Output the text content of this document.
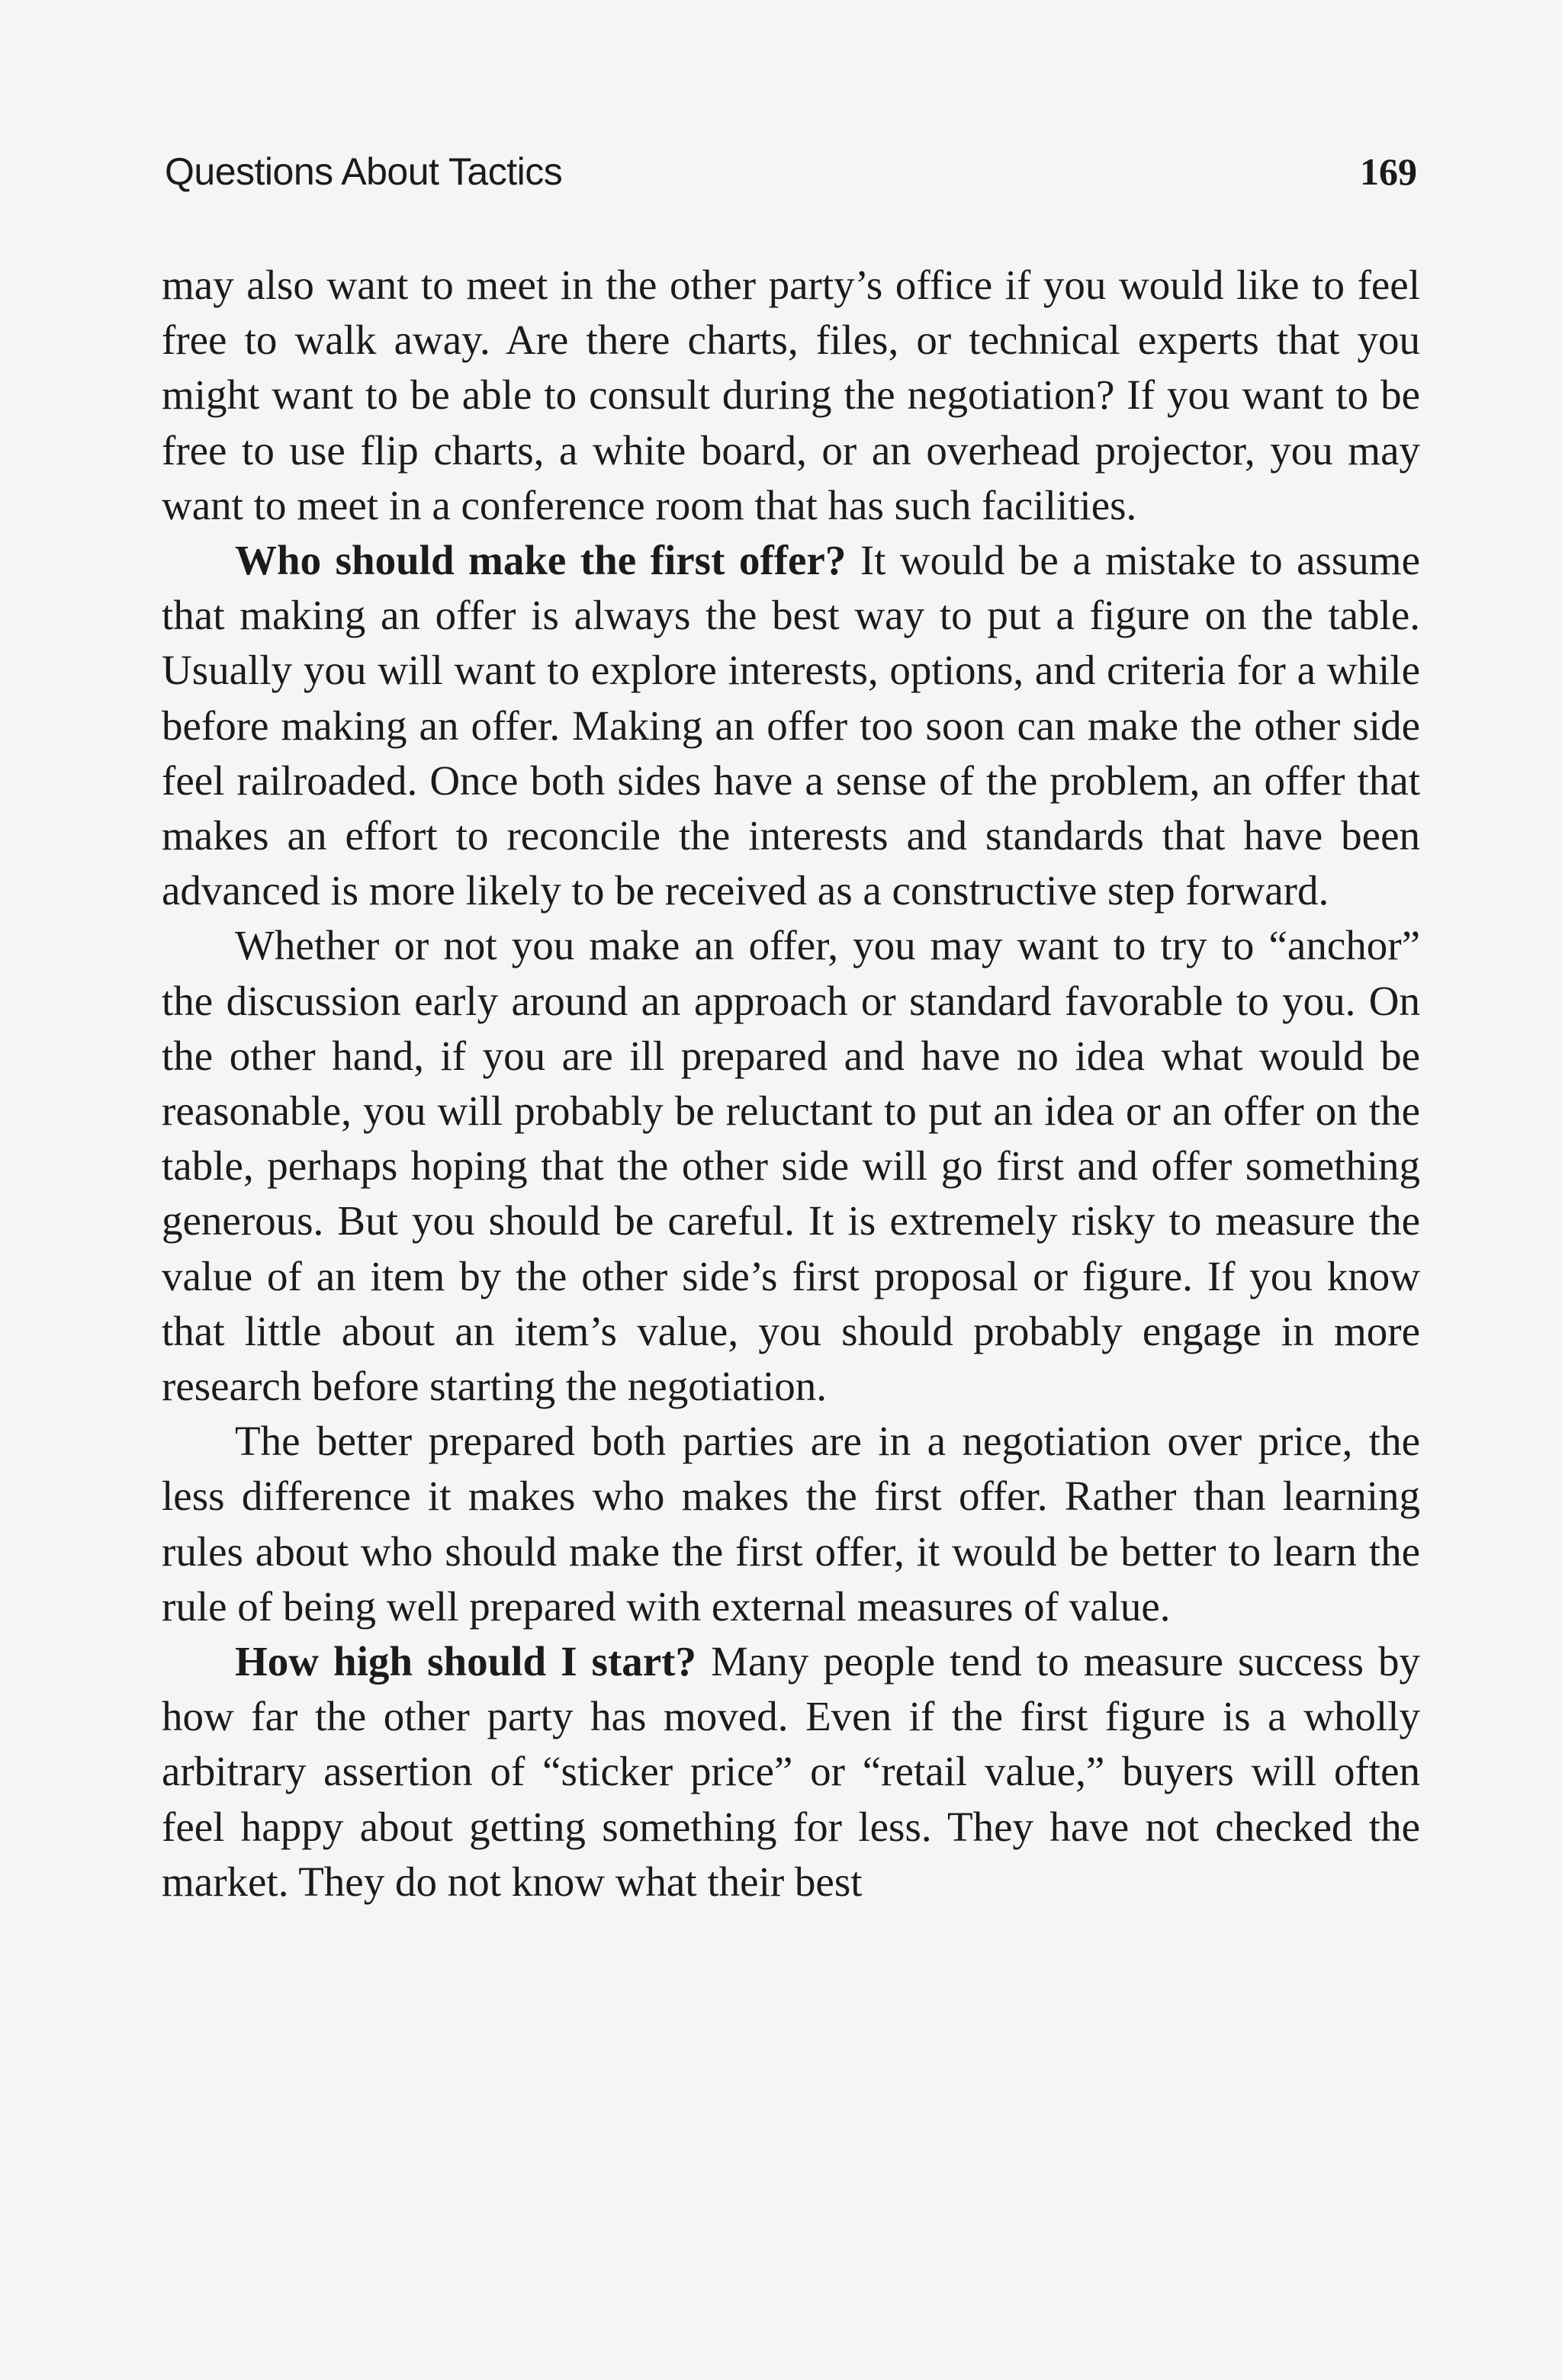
Questions About Tactics	169

may also want to meet in the other party’s office if you would like to feel free to walk away. Are there charts, files, or technical experts that you might want to be able to consult during the negotiation? If you want to be free to use flip charts, a white board, or an overhead projector, you may want to meet in a conference room that has such facilities.

Who should make the first offer? It would be a mistake to assume that making an offer is always the best way to put a figure on the table. Usually you will want to explore interests, options, and criteria for a while before making an offer. Making an offer too soon can make the other side feel railroaded. Once both sides have a sense of the problem, an offer that makes an effort to reconcile the interests and standards that have been advanced is more likely to be received as a constructive step forward.

Whether or not you make an offer, you may want to try to “anchor” the discussion early around an approach or standard favorable to you. On the other hand, if you are ill prepared and have no idea what would be reasonable, you will probably be reluctant to put an idea or an offer on the table, perhaps hoping that the other side will go first and offer something generous. But you should be careful. It is extremely risky to measure the value of an item by the other side’s first proposal or figure. If you know that little about an item’s value, you should probably engage in more research before starting the negotiation.

The better prepared both parties are in a negotiation over price, the less difference it makes who makes the first offer. Rather than learning rules about who should make the first offer, it would be better to learn the rule of being well prepared with external measures of value.

How high should I start? Many people tend to measure success by how far the other party has moved. Even if the first figure is a wholly arbitrary assertion of “sticker price” or “retail value,” buyers will often feel happy about getting something for less. They have not checked the market. They do not know what their best
